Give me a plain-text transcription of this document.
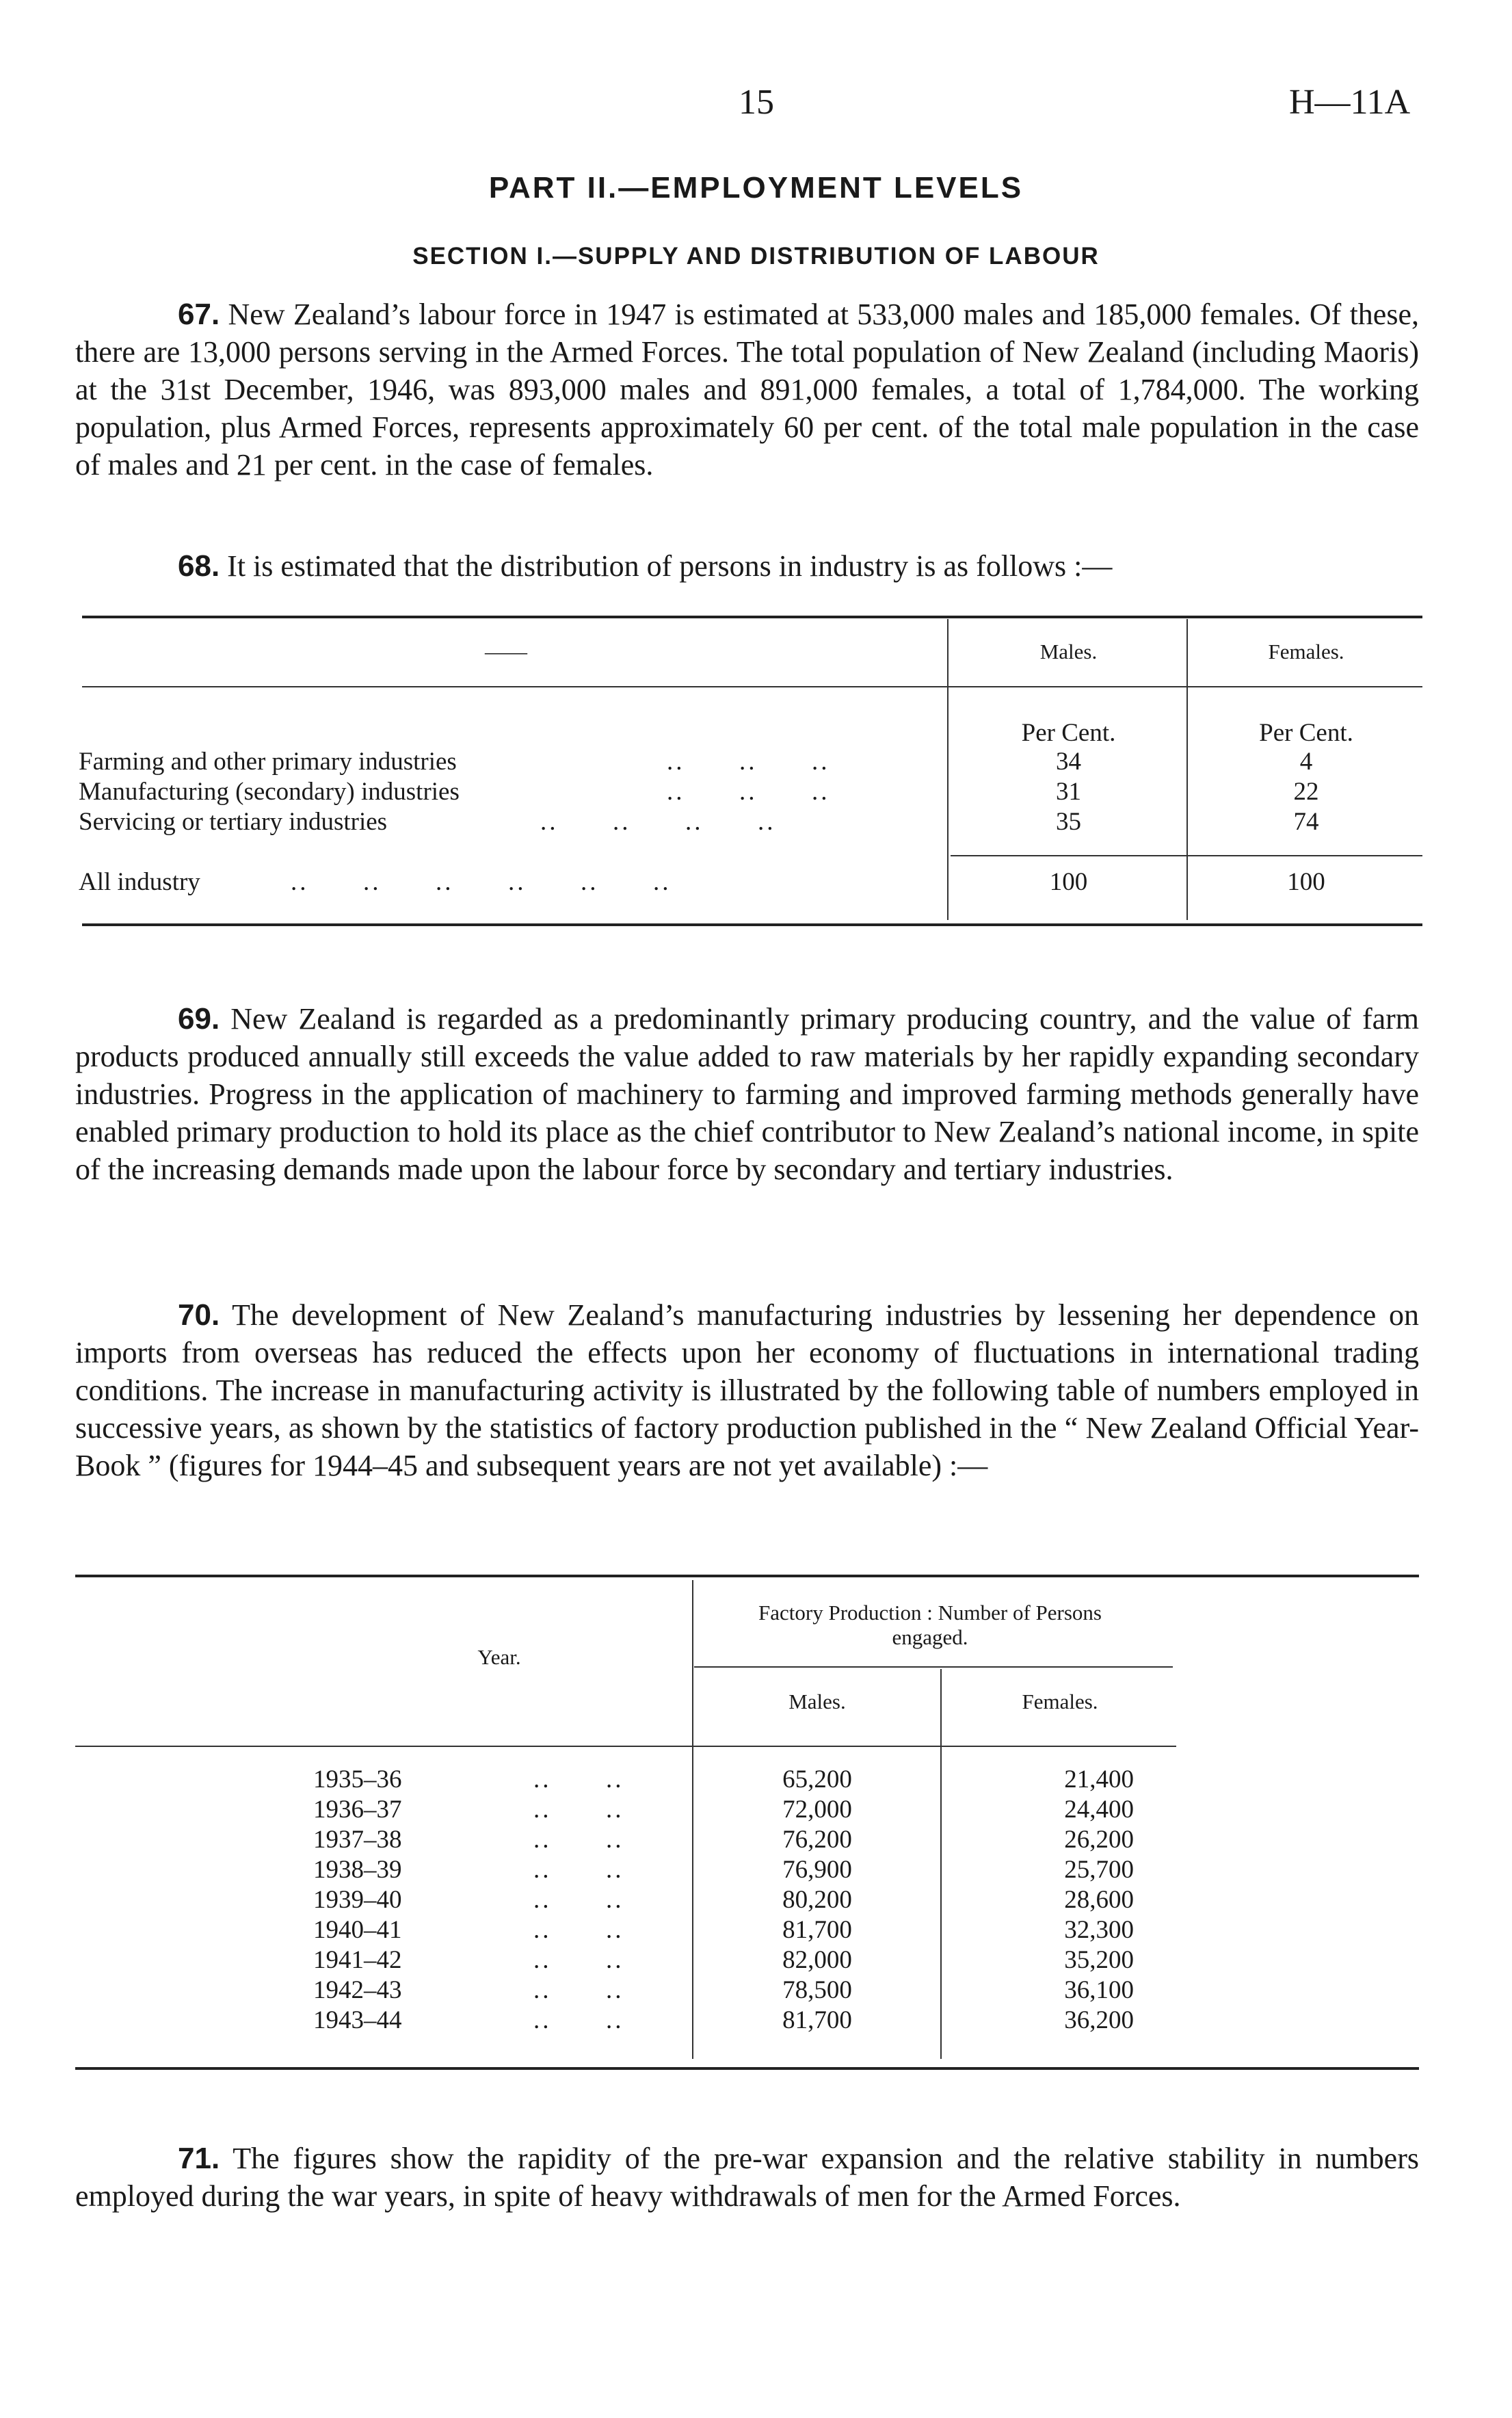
15	H—11A
PART II.—EMPLOYMENT LEVELS
SECTION I.—SUPPLY AND DISTRIBUTION OF LABOUR

67. New Zealand’s labour force in 1947 is estimated at 533,000 males and 185,000 females. Of these, there are 13,000 persons serving in the Armed Forces. The total population of New Zealand (including Maoris) at the 31st December, 1946, was 893,000 males and 891,000 females, a total of 1,784,000. The working population, plus Armed Forces, represents approximately 60 per cent. of the total male population in the case of males and 21 per cent. in the case of females.

68. It is estimated that the distribution of persons in industry is as follows :—

——	Males.	Females.
Per Cent.	Per Cent.
Farming and other primary industries	..      ..      ..	34	4
Manufacturing (secondary) industries	..      ..      ..	31	22
Servicing or tertiary industries	..      ..      ..      ..	35	74
All industry	..      ..      ..      ..      ..      ..	100	100

69. New Zealand is regarded as a predominantly primary producing country, and the value of farm products produced annually still exceeds the value added to raw materials by her rapidly expanding secondary industries. Progress in the application of machinery to farming and improved farming methods generally have enabled primary production to hold its place as the chief contributor to New Zealand’s national income, in spite of the increasing demands made upon the labour force by secondary and tertiary industries.

70. The development of New Zealand’s manufacturing industries by lessening her dependence on imports from overseas has reduced the effects upon her economy of fluctuations in international trading conditions. The increase in manufacturing activity is illustrated by the following table of numbers employed in successive years, as shown by the statistics of factory production published in the “ New Zealand Official Year-Book ” (figures for 1944–45 and subsequent years are not yet available) :—

Year.
Factory Production : Number of Persons engaged.
Males.	Females.
1935–36	..      ..	65,200	21,400
1936–37	..      ..	72,000	24,400
1937–38	..      ..	76,200	26,200
1938–39	..      ..	76,900	25,700
1939–40	..      ..	80,200	28,600
1940–41	..      ..	81,700	32,300
1941–42	..      ..	82,000	35,200
1942–43	..      ..	78,500	36,100
1943–44	..      ..	81,700	36,200

71. The figures show the rapidity of the pre-war expansion and the relative stability in numbers employed during the war years, in spite of heavy withdrawals of men for the Armed Forces.
